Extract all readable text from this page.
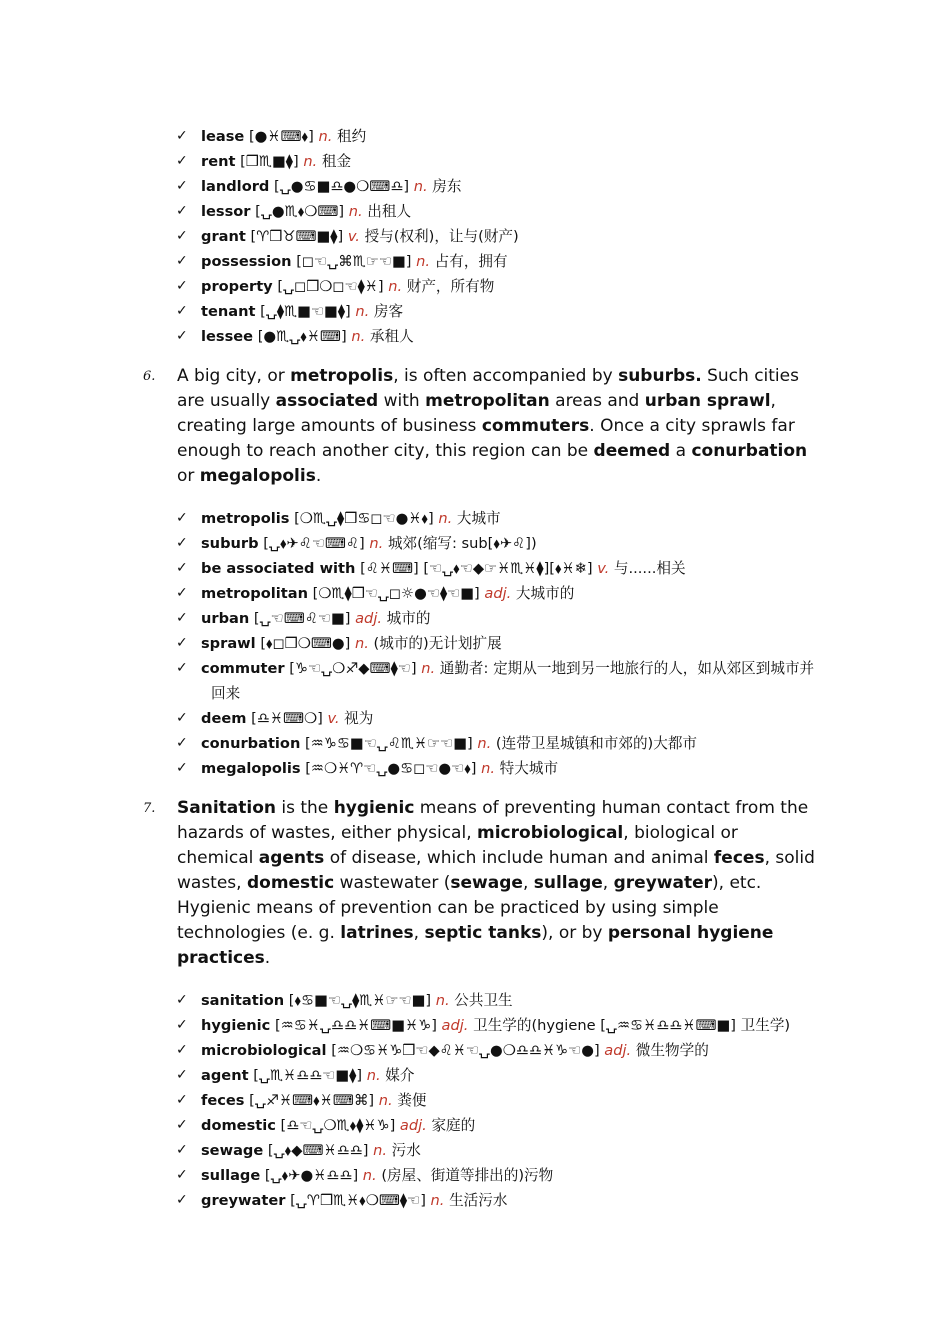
✓ lease [●♓⌨⬧] n. 租约
✓ rent [❒♏■⧫] n. 租金
✓ landlord [⍽●♋■♎●❍⌨♎] n. 房东
✓ lessor [⍽●♏⬧❍⌨] n. 出租人
✓ grant [♈❒♉⌨■⧫] v. 授与(权利)，让与(财产)
✓ possession [◻☜⍽⌘♏☞☜■] n. 占有，拥有
✓ property [⍽◻❒❍◻☜⧫♓] n. 财产，所有物
✓ tenant [⍽⧫♏■☜■⧫] n. 房客
✓ lessee [●♏⍽⬧♓⌨] n. 承租人
6. A big city, or metropolis, is often accompanied by suburbs. Such cities are usually associated with metropolitan areas and urban sprawl, creating large amounts of business commuters. Once a city sprawls far enough to reach another city, this region can be deemed a conurbation or megalopolis.
✓ metropolis [❍♏⍽⧫❒♋◻☜●♓⬧] n. 大城市
✓ suburb [⍽⬧✈♌☜⌨♌] n. 城郊(缩写: sub[⬧✈♌])
✓ be associated with [♌♓⌨] [☜⍽⬧☜◆☞♓♏♓⧫][⬧♓❄] v. 与......相关
✓ metropolitan [❍♏⧫❒☜⍽◻☼●☜⧫☜■] adj. 大城市的
✓ urban [⍽☜⌨♌☜■] adj. 城市的
✓ sprawl [⬧◻❒❍⌨●] n. (城市的)无计划扩展
✓ commuter [♑☜⍽❍♐◆⌨⧫☜] n. 通勤者: 定期从一地到另一地旅行的人，如从郊区到城市并
回来
✓ deem [♎♓⌨❍] v. 视为
✓ conurbation [♒♑♋■☜⍽♌♏♓☞☜■] n. (连带卫星城镇和市郊的)大都市
✓ megalopolis [♒❍♓♈☜⍽●♋◻☜●☜⬧] n. 特大城市
7. Sanitation is the hygienic means of preventing human contact from the hazards of wastes, either physical, microbiological, biological or chemical agents of disease, which include human and animal feces, solid wastes, domestic wastewater (sewage, sullage, greywater), etc. Hygienic means of prevention can be practiced by using simple technologies (e. g. latrines, septic tanks), or by personal hygiene practices.
✓ sanitation [⬧♋■☜⍽⧫♏♓☞☜■] n. 公共卫生
✓ hygienic [♒♋♓⍽♎♎♓⌨■♓♑] adj. 卫生学的(hygiene [⍽♒♋♓♎♎♓⌨■] 卫生学)
✓ microbiological [♒❍♋♓♑❒☜◆♌♓☜⍽●❍♎♎♓♑☜●] adj. 微生物学的
✓ agent [⍽♏♓♎♎☜■⧫] n. 媒介
✓ feces [⍽♐♓⌨⬧♓⌨⌘] n. 粪便
✓ domestic [♎☜⍽❍♏⬧⧫♓♑] adj. 家庭的
✓ sewage [⍽⬧◆⌨♓♎♎] n. 污水
✓ sullage [⍽⬧✈●♓♎♎] n. (房屋、街道等排出的)污物
✓ greywater [⍽♈❒♏♓⬧❍⌨⧫☜] n. 生活污水
